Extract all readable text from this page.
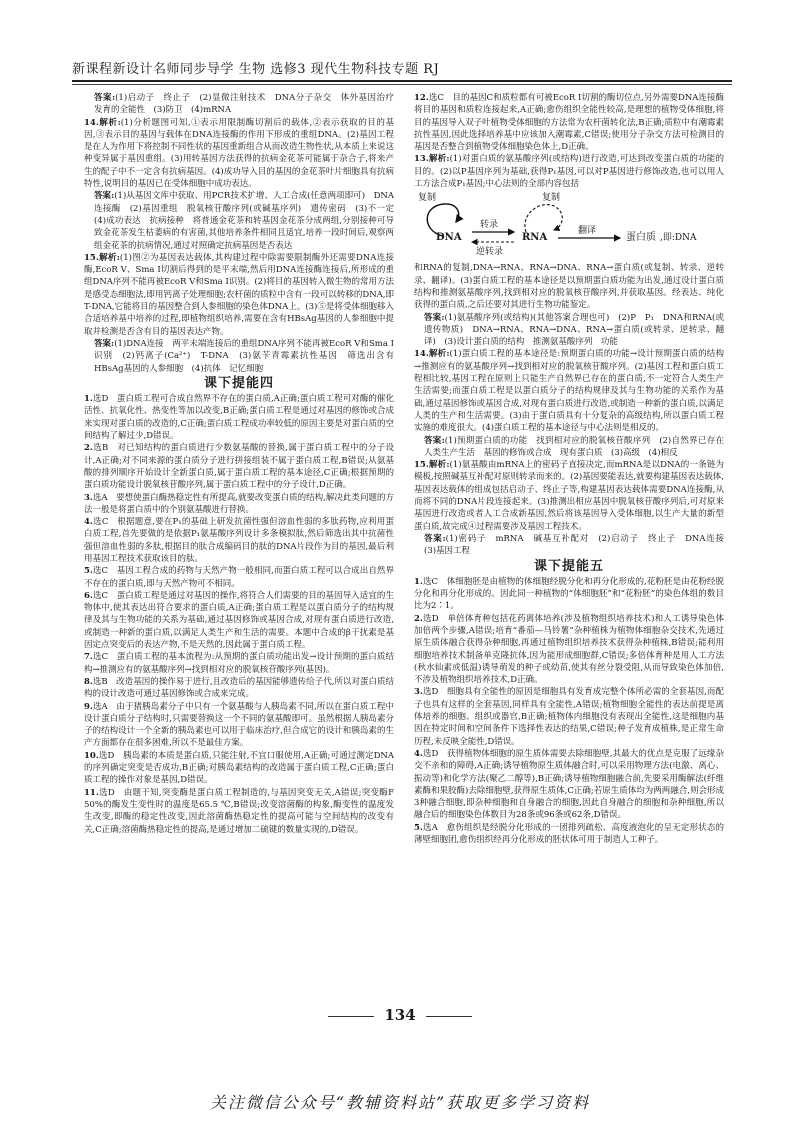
新课程新设计名师同步导学 生物 选修3 现代生物科技专题 RJ

答案:(1)启动子　终止子　(2)显微注射技术　DNA分子杂交　体外基因治疗　发育的全能性　(3)防卫　(4)mRNA

14.解析:(1)分析题图可知,①表示用限制酶切割后的载体,②表示获取的目的基因,③表示目的基因与载体在DNA连接酶的作用下形成的重组DNA。(2)基因工程是在人为作用下将控制不同性状的基因重新组合从而改造生物性状,从本质上来说这种变异属于基因重组。(3)用转基因方法获得的抗病金花茶可能属于杂合子,将来产生的配子中不一定含有抗病基因。(4)成功导入目的基因的金花茶叶片细胞具有抗病特性,说明目的基因已在受体细胞中成功表达。

答案:(1)从基因文库中获取、用PCR技术扩增、人工合成(任意两项即可)　DNA连接酶　(2)基因重组　脱氧核苷酸序列(或碱基序列)　遗传密码　(3)不一定　(4)成功表达　抗病接种　将普通金花茶和转基因金花茶分成两组,分别接种可导致金花茶发生枯萎病的有害菌,其他培养条件相同且适宜,培养一段时间后,观察两组金花茶的抗病情况,通过对照确定抗病基因是否表达

15.解析:(1)图②为基因表达载体,其构建过程中除需要限制酶外还需要DNA连接酶,EcoR Ⅴ、Sma Ⅰ切割后得到的是平末端,然后用DNA连接酶连接后,所形成的重组DNA序列不能再被EcoR Ⅴ和Sma Ⅰ识别。(2)将目的基因转入微生物的常用方法是感受态细胞法,即用钙离子处理细胞;农杆菌的质粒中含有一段可以转移的DNA,即T-DNA,它能将目的基因整合到人参细胞的染色体DNA上。(3)⑤是将受体细胞移入合适培养基中培养的过程,即植物组织培养,需要在含有HBsAg基因的人参细胞中提取并检测是否含有目的基因表达产物。

答案:(1)DNA连接　两平末端连接后的重组DNA序列不能再被EcoR Ⅴ和Sma Ⅰ识别　(2)钙离子(Ca²⁺)　T-DNA　(3)氨苄青霉素抗性基因　筛选出含有HBsAg基因的人参细胞　(4)抗体　记忆细胞

课下提能四

1.选D　蛋白质工程可合成自然界不存在的蛋白质,A正确;蛋白质工程可对酶的催化活性、抗氧化性、热变性等加以改变,B正确;蛋白质工程是通过对基因的修饰或合成来实现对蛋白质的改造的,C正确;蛋白质工程成功率较低的原因主要是对蛋白质的空间结构了解过少,D错误。

2.选B　对已知结构的蛋白质进行少数氨基酸的替换,属于蛋白质工程中的分子设计,A正确;对不同来源的蛋白质分子进行拼接组装不属于蛋白质工程,B错误;从氨基酸的排列顺序开始设计全新蛋白质,属于蛋白质工程的基本途径,C正确;根据预期的蛋白质功能设计脱氧核苷酸序列,属于蛋白质工程中的分子设计,D正确。

3.选A　要想使蛋白酶热稳定性有所提高,就要改变蛋白质的结构,解决此类问题的方法一般是将蛋白质中的个别氨基酸进行替换。

4.选C　根据题意,要在P₁的基础上研发抗菌性强但溶血性弱的多肽药物,应利用蛋白质工程,首先要做的是依据P₁氨基酸序列设计多条模拟肽,然后筛选出其中抗菌性强但溶血性弱的多肽,根据目的肽合成编码目的肽的DNA片段作为目的基因,最后利用基因工程技术获取该目的肽。

5.选C　基因工程合成的药物与天然产物一般相同,而蛋白质工程可以合成出自然界不存在的蛋白质,即与天然产物可不相同。

6.选C　蛋白质工程是通过对基因的操作,将符合人们需要的目的基因导入适宜的生物体中,使其表达出符合要求的蛋白质,A正确;蛋白质工程是以蛋白质分子的结构规律及其与生物功能的关系为基础,通过基因修饰或基因合成,对现有蛋白质进行改造,或制造一种新的蛋白质,以满足人类生产和生活的需要。本题中合成的β干扰素是基因定点突变后的表达产物,不是天然的,因此属于蛋白质工程。

7.选C　蛋白质工程的基本流程为:从预期的蛋白质功能出发→设计预期的蛋白质结构→推测应有的氨基酸序列→找到相对应的脱氧核苷酸序列(基因)。

8.选B　改造基因的操作易于进行,且改造后的基因能够遗传给子代,所以对蛋白质结构的设计改造可通过基因修饰或合成来完成。

9.选A　由于猪胰岛素分子中只有一个氨基酸与人胰岛素不同,所以在蛋白质工程中设计蛋白质分子结构时,只需要替换这一个不同的氨基酸即可。虽然根据人胰岛素分子的结构设计一个全新的胰岛素也可以用于临床治疗,但合成它的设计和胰岛素的生产方面都存在很多困难,所以不是最佳方案。

10.选D　胰岛素的本质是蛋白质,只能注射,不宜口服使用,A正确;可通过测定DNA的序列确定突变是否成功,B正确;对胰岛素结构的改造属于蛋白质工程,C正确;蛋白质工程的操作对象是基因,D错误。

11.选D　由题干知,突变酶是蛋白质工程制造的,与基因突变无关,A错误;突变酶F 50%的酶发生变性时的温度是65.5 ℃,B错误;改变溶菌酶的构象,酶变性的温度发生改变,即酶的稳定性改变,因此溶菌酶热稳定性的提高可能与空间结构的改变有关,C正确;溶菌酶热稳定性的提高,是通过增加二硫键的数量实现的,D错误。

12.选C　目的基因C和质粒都有可被EcoR Ⅰ切割的酶切位点,另外需要DNA连接酶将目的基因和质粒连接起来,A正确;愈伤组织全能性较高,是理想的植物受体细胞,将目的基因导入双子叶植物受体细胞的方法常为农杆菌转化法,B正确;质粒中有潮霉素抗性基因,因此选择培养基中应该加入潮霉素,C错误;使用分子杂交方法可检测目的基因是否整合到植物受体细胞染色体上,D正确。

13.解析:(1)对蛋白质的氨基酸序列(或结构)进行改造,可达到改变蛋白质的功能的目的。(2)以P基因序列为基础,获得P₁基因,可以对P基因进行修饰改造,也可以用人工方法合成P₁基因;中心法则的全部内容包括

复制	复制
DNA
转录
逆转录
RNA
翻译
蛋白质 ,即:DNA

和RNA的复制,DNA→RNA、RNA→DNA、RNA→蛋白质(或复制、转录、逆转录、翻译)。(3)蛋白质工程的基本途径是以预期蛋白质功能为出发,通过设计蛋白质结构和推测氨基酸序列,找到相对应的脱氧核苷酸序列,并获取基因。经表达、纯化获得的蛋白质,之后还要对其进行生物功能鉴定。

答案:(1)氨基酸序列(或结构)(其他答案合理也可)　(2)P　P₁　DNA和RNA(或遗传物质)　DNA→RNA、RNA→DNA、RNA→蛋白质(或转录、逆转录、翻译)　(3)设计蛋白质的结构　推测氨基酸序列　功能

14.解析:(1)蛋白质工程的基本途径是:预期蛋白质的功能→设计预期蛋白质的结构→推测应有的氨基酸序列→找到相对应的脱氧核苷酸序列。(2)基因工程和蛋白质工程相比较,基因工程在原则上只能生产自然界已存在的蛋白质,不一定符合人类生产生活需要;而蛋白质工程是以蛋白质分子的结构规律及其与生物功能的关系作为基础,通过基因修饰或基因合成,对现有蛋白质进行改造,或制造一种新的蛋白质,以满足人类的生产和生活需要。(3)由于蛋白质具有十分复杂的高级结构,所以蛋白质工程实施的难度很大。(4)蛋白质工程的基本途径与中心法则是相反的。

答案:(1)预期蛋白质的功能　找到相对应的脱氧核苷酸序列　(2)自然界已存在　人类生产生活　基因的修饰或合成　现有蛋白质　(3)高级　(4)相反

15.解析:(1)氨基酸由mRNA上的密码子直接决定,而mRNA是以DNA的一条链为模板,按照碱基互补配对原则转录而来的。(2)基因要能表达,就要构建基因表达载体,基因表达载体的组成包括启动子、终止子等,构建基因表达载体需要DNA连接酶,从而将不同的DNA片段连接起来。(3)推测出相应基因中脱氧核苷酸序列后,可对原来基因进行改造或者人工合成新基因,然后将该基因导入受体细胞,以生产大量的新型蛋白质,故完成④过程需要涉及基因工程技术。

答案:(1)密码子　mRNA　碱基互补配对　(2)启动子　终止子　DNA连接　(3)基因工程

课下提能五

1.选C　体细胞胚是由植物的体细胞经脱分化和再分化形成的,花粉胚是由花粉经脱分化和再分化形成的。因此同一种植物的“体细胞胚”和“花粉胚”的染色体组的数目比为2∶1。

2.选D　单倍体育种包括花药离体培养(涉及植物组织培养技术)和人工诱导染色体加倍两个步骤,A错误;培育“番茄—马铃薯”杂种植株为植物体细胞杂交技术,先通过原生质体融合获得杂种细胞,再通过植物组织培养技术获得杂种植株,B错误;能利用细胞培养技术制备单克隆抗体,因为能形成细胞群,C错误;多倍体育种是用人工方法(秋水仙素或低温)诱导萌发的种子或幼苗,使其有丝分裂受阻,从而导致染色体加倍,不涉及植物组织培养技术,D正确。

3.选D　细胞具有全能性的原因是细胞具有发育成完整个体所必需的全套基因,而配子也具有这样的全套基因,同样具有全能性,A错误;植物细胞全能性的表达前提是离体培养的细胞、组织或器官,B正确;植物体内细胞没有表现出全能性,这是细胞内基因在特定时间和空间条件下选择性表达的结果,C错误;种子发育成植株,是正常生命历程,未反映全能性,D错误。

4.选D　获得植物体细胞的原生质体需要去除细胞壁,其最大的优点是克服了远缘杂交不亲和的障碍,A正确;诱导植物原生质体融合时,可以采用物理方法(电激、离心、振动等)和化学方法(聚乙二醇等),B正确;诱导植物细胞融合前,先要采用酶解法(纤维素酶和果胶酶)去除细胞壁,获得原生质体,C正确;若原生质体均为两两融合,则会形成3种融合细胞,即杂种细胞和自身融合的细胞,因此自身融合的细胞和杂种细胞,所以融合后的细胞染色体数目为28条或96条或62条,D错误。

5.选A　愈伤组织是经脱分化形成的一团排列疏松、高度液泡化的呈无定形状态的薄壁细胞团,愈伤组织经再分化形成的胚状体可用于制造人工种子。

134
关注微信公众号“教辅资料站”获取更多学习资料
